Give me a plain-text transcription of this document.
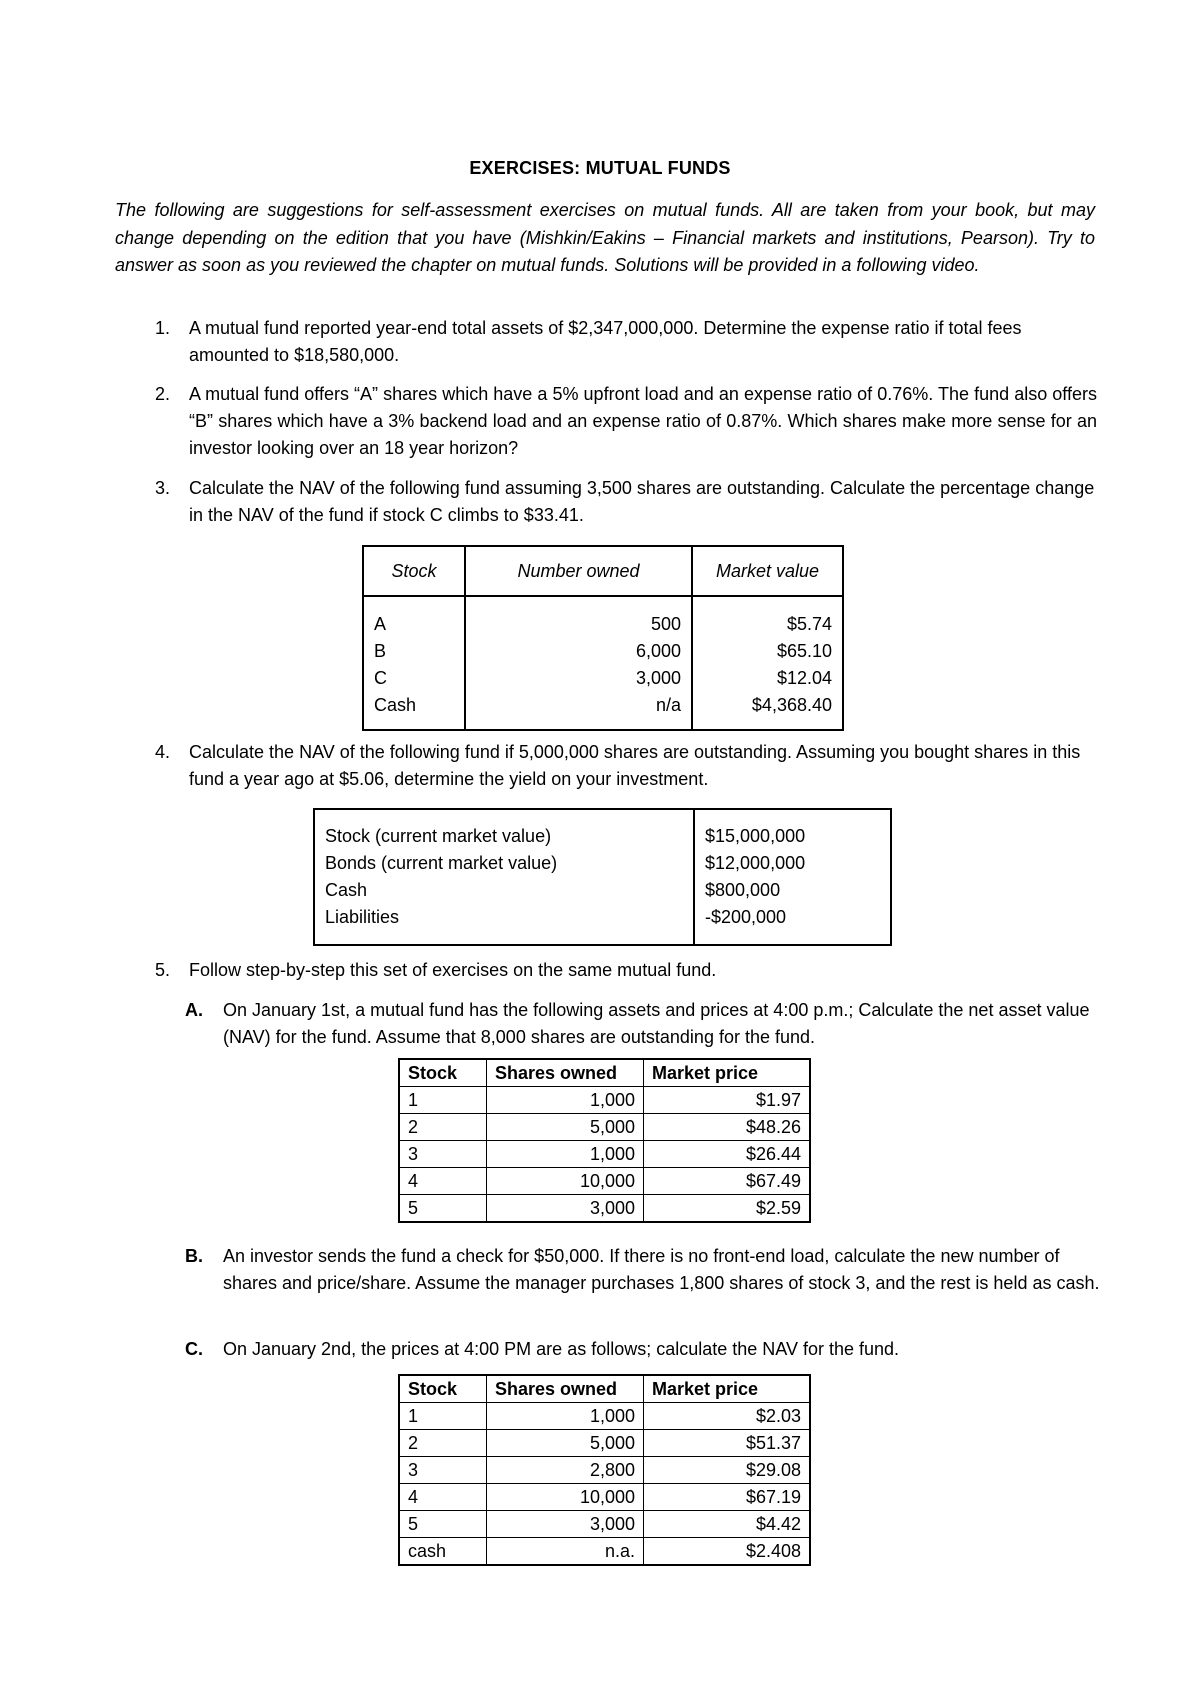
EXERCISES: MUTUAL FUNDS
The following are suggestions for self-assessment exercises on mutual funds. All are taken from your book, but may change depending on the edition that you have (Mishkin/Eakins – Financial markets and institutions, Pearson). Try to answer as soon as you reviewed the chapter on mutual funds. Solutions will be provided in a following video.
1.	A mutual fund reported year-end total assets of $2,347,000,000. Determine the expense ratio if total fees amounted to $18,580,000.
2.	A mutual fund offers “A” shares which have a 5% upfront load and an expense ratio of 0.76%. The fund also offers “B” shares which have a 3% backend load and an expense ratio of 0.87%. Which shares make more sense for an investor looking over an 18 year horizon?
3.	Calculate the NAV of the following fund assuming 3,500 shares are outstanding. Calculate the percentage change in the NAV of the fund if stock C climbs to $33.41.
Stock	Number owned	Market value
A	500	$5.74
B	6,000	$65.10
C	3,000	$12.04
Cash	n/a	$4,368.40
4.	Calculate the NAV of the following fund if 5,000,000 shares are outstanding. Assuming you bought shares in this fund a year ago at $5.06, determine the yield on your investment.
Stock (current market value)	$15,000,000
Bonds (current market value)	$12,000,000
Cash	$800,000
Liabilities	-$200,000
5.	Follow step-by-step this set of exercises on the same mutual fund.
A.	On January 1st, a mutual fund has the following assets and prices at 4:00 p.m.; Calculate the net asset value (NAV) for the fund. Assume that 8,000 shares are outstanding for the fund.
Stock	Shares owned	Market price
1	1,000	$1.97
2	5,000	$48.26
3	1,000	$26.44
4	10,000	$67.49
5	3,000	$2.59
B.	An investor sends the fund a check for $50,000. If there is no front-end load, calculate the new number of shares and price/share. Assume the manager purchases 1,800 shares of stock 3, and the rest is held as cash.
C.	On January 2nd, the prices at 4:00 PM are as follows; calculate the NAV for the fund.
Stock	Shares owned	Market price
1	1,000	$2.03
2	5,000	$51.37
3	2,800	$29.08
4	10,000	$67.19
5	3,000	$4.42
cash	n.a.	$2.408
